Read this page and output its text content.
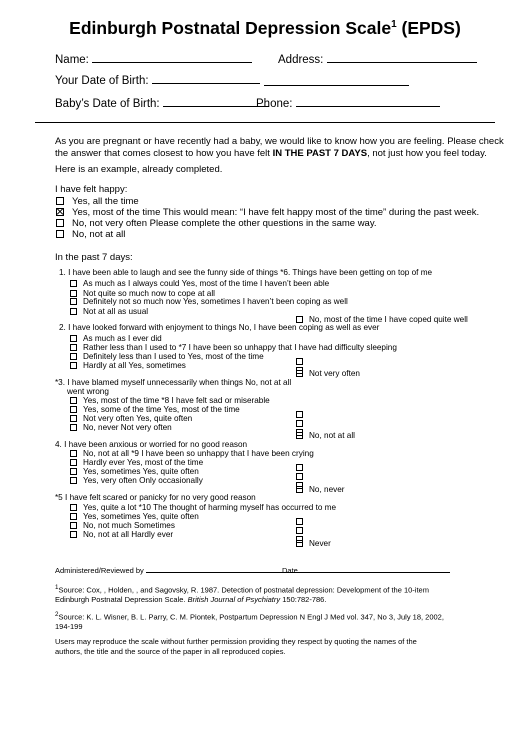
Edinburgh Postnatal Depression Scale$^1$ (EPDS)
Name:	Address:
Your Date of Birth:
Baby’s Date of Birth:	Phone:
As you are pregnant or have recently had a baby, we would like to know how you are feeling. Please check
the answer that comes closest to how you have felt IN THE PAST 7 DAYS, not just how you feel today.
Here is an example, already completed.
I have felt happy:
Yes, all the time
Yes, most of the time This would mean: “I have felt happy most of the time” during the past week.
No, not very often Please complete the other questions in the same way.
No, not at all
In the past 7 days:
1. I have been able to laugh and see the funny side of things *6. Things have been getting on top of me
As much as I always could Yes, most of the time I haven’t been able
Not quite so much now to cope at all
Definitely not so much now Yes, sometimes I haven’t been coping as well
Not at all as usual
No, most of the time I have coped quite well
2. I have looked forward with enjoyment to things No, I have been coping as well as ever
As much as I ever did
Rather less than I used to *7 I have been so unhappy that I have had difficulty sleeping
Definitely less than I used to Yes, most of the time
Hardly at all Yes, sometimes
Not very often
*3. I have blamed myself unnecessarily when things No, not at all
went wrong
Yes, most of the time *8 I have felt sad or miserable
Yes, some of the time Yes, most of the time
Not very often Yes, quite often
No, never Not very often
No, not at all
4. I have been anxious or worried for no good reason
No, not at all *9 I have been so unhappy that I have been crying
Hardly ever Yes, most of the time
Yes, sometimes Yes, quite often
Yes, very often Only occasionally
No, never
*5 I have felt scared or panicky for no very good reason
Yes, quite a lot *10 The thought of harming myself has occurred to me
Yes, sometimes Yes, quite often
No, not much Sometimes
No, not at all Hardly ever
Never
Administered/Reviewed by	Date
$^1$Source: Cox, , Holden, , and Sagovsky, R. 1987. Detection of postnatal depression: Development of the 10-item
Edinburgh Postnatal Depression Scale. British Journal of Psychiatry 150:782-786.
$^2$Source: K. L. Wisner, B. L. Parry, C. M. Piontek, Postpartum Depression N Engl J Med vol. 347, No 3, July 18, 2002,
194-199
Users may reproduce the scale without further permission providing they respect by quoting the names of the
authors, the title and the source of the paper in all reproduced copies.
